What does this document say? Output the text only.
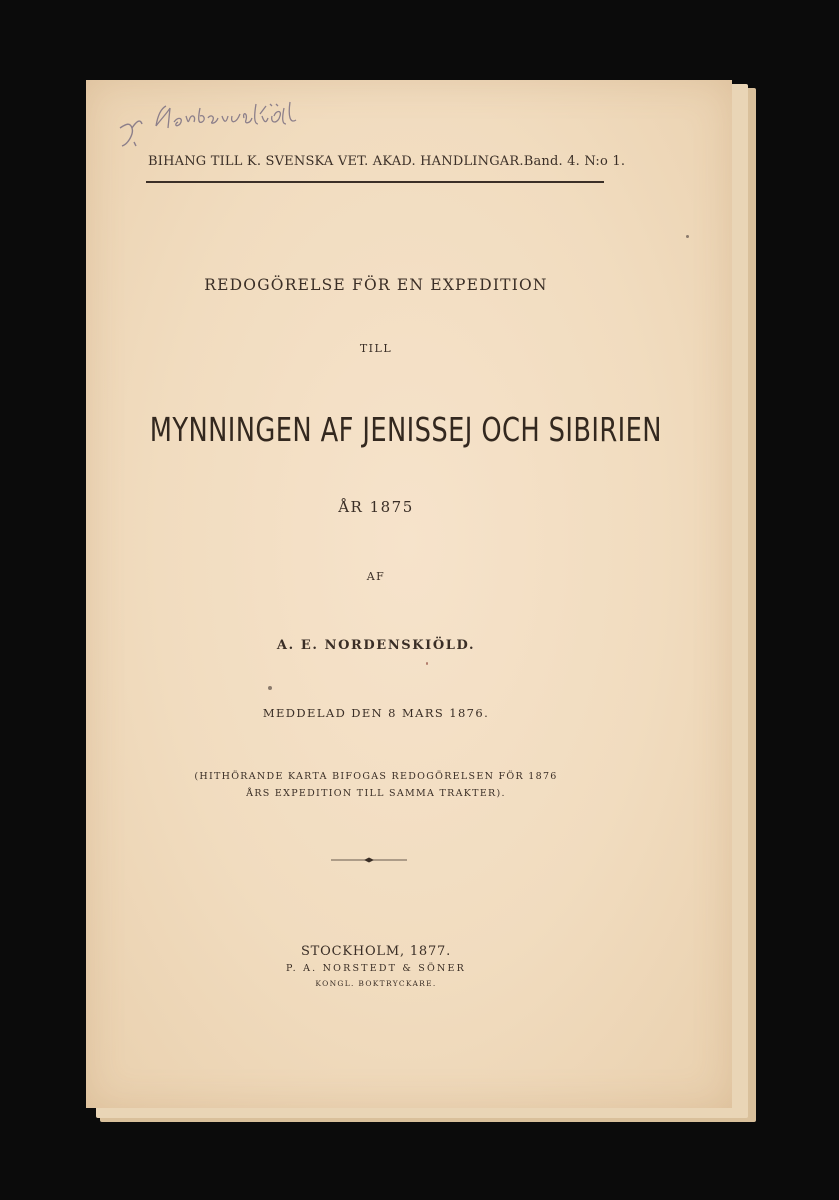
BIHANG TILL K. SVENSKA VET. AKAD. HANDLINGAR. Band. 4. N:o 1.
REDOGÖRELSE FÖR EN EXPEDITION
TILL
MYNNINGEN AF JENISSEJ OCH SIBIRIEN
ÅR 1875
AF
A. E. NORDENSKIÖLD.
MEDDELAD DEN 8 MARS 1876.
(HITHÖRANDE KARTA BIFOGAS REDOGÖRELSEN FÖR 1876
ÅRS EXPEDITION TILL SAMMA TRAKTER).
STOCKHOLM, 1877.
P. A. NORSTEDT & SÖNER
KONGL. BOKTRYCKARE.
